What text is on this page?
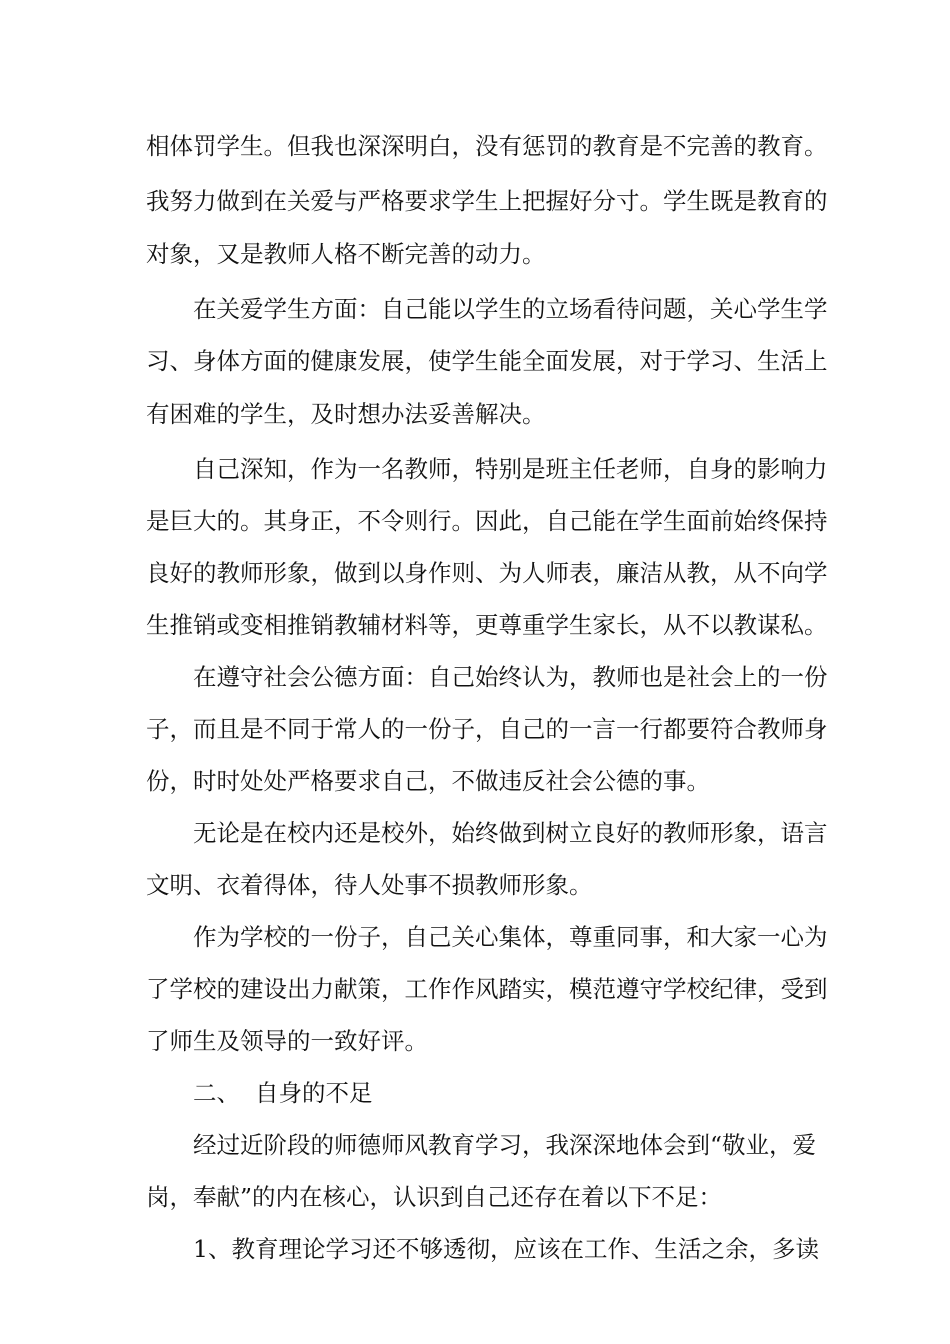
相体罚学生。但我也深深明白，没有惩罚的教育是不完善的教育。
我努力做到在关爱与严格要求学生上把握好分寸。学生既是教育的
对象，又是教师人格不断完善的动力。
在关爱学生方面：自己能以学生的立场看待问题，关心学生学
习、身体方面的健康发展，使学生能全面发展，对于学习、生活上
有困难的学生，及时想办法妥善解决。
自己深知，作为一名教师，特别是班主任老师，自身的影响力
是巨大的。其身正，不令则行。因此，自己能在学生面前始终保持
良好的教师形象，做到以身作则、为人师表，廉洁从教，从不向学
生推销或变相推销教辅材料等，更尊重学生家长，从不以教谋私。
在遵守社会公德方面：自己始终认为，教师也是社会上的一份
子，而且是不同于常人的一份子，自己的一言一行都要符合教师身
份，时时处处严格要求自己，不做违反社会公德的事。
无论是在校内还是校外，始终做到树立良好的教师形象，语言
文明、衣着得体，待人处事不损教师形象。
作为学校的一份子，自己关心集体，尊重同事，和大家一心为
了学校的建设出力献策，工作作风踏实，模范遵守学校纪律，受到
了师生及领导的一致好评。
二、  自身的不足
经过近阶段的师德师风教育学习，我深深地体会到“敬业，爱
岗，奉献”的内在核心，认识到自己还存在着以下不足：
1、教育理论学习还不够透彻，应该在工作、生活之余，多读
